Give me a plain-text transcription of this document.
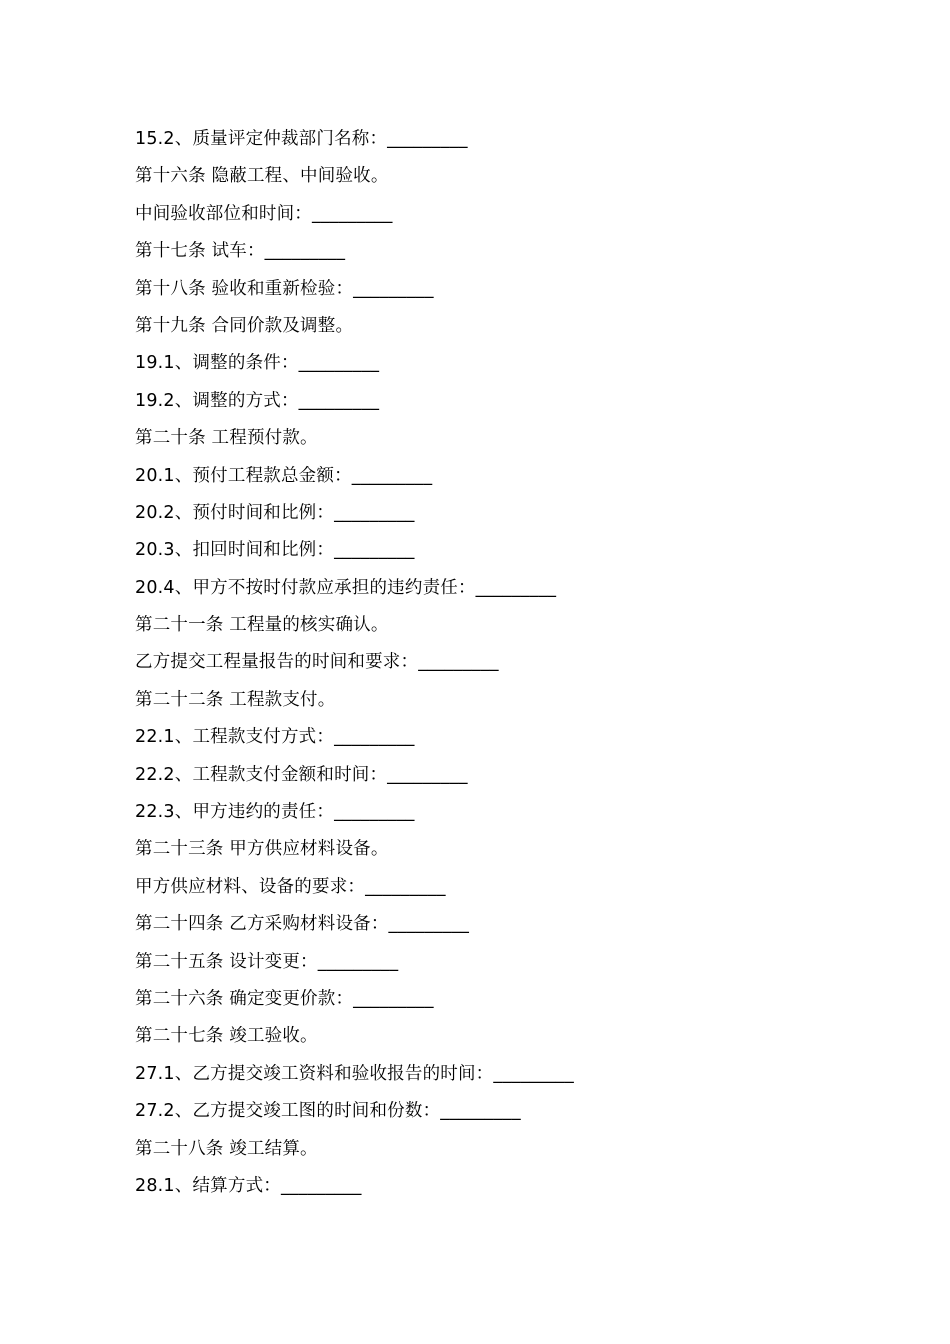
15.2、质量评定仲裁部门名称：_________
第十六条 隐蔽工程、中间验收。
中间验收部位和时间：_________
第十七条 试车：_________
第十八条 验收和重新检验：_________
第十九条 合同价款及调整。
19.1、调整的条件：_________
19.2、调整的方式：_________
第二十条 工程预付款。
20.1、预付工程款总金额：_________
20.2、预付时间和比例：_________
20.3、扣回时间和比例：_________
20.4、甲方不按时付款应承担的违约责任：_________
第二十一条 工程量的核实确认。
乙方提交工程量报告的时间和要求：_________
第二十二条 工程款支付。
22.1、工程款支付方式：_________
22.2、工程款支付金额和时间：_________
22.3、甲方违约的责任：_________
第二十三条 甲方供应材料设备。
甲方供应材料、设备的要求：_________
第二十四条 乙方采购材料设备：_________
第二十五条 设计变更：_________
第二十六条 确定变更价款：_________
第二十七条 竣工验收。
27.1、乙方提交竣工资料和验收报告的时间：_________
27.2、乙方提交竣工图的时间和份数：_________
第二十八条 竣工结算。
28.1、结算方式：_________
